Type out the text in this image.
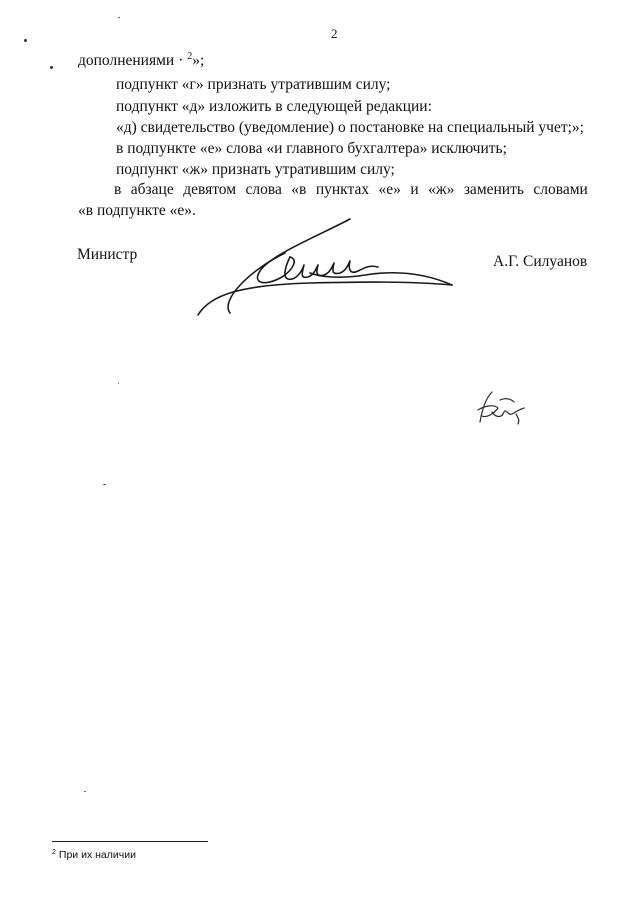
2
дополнениями · $^2$»;
подпункт «г» признать утратившим силу;
подпункт «д» изложить в следующей редакции:
«д) свидетельство (уведомление) о постановке на специальный учет;»;
в подпункте «е» слова «и главного бухгалтера» исключить;
подпункт «ж» признать утратившим силу;
в абзаце девятом слова «в пунктах «е» и «ж» заменить словами
«в подпункте «е».
Министр	А.Г. Силуанов
$^2$ При их наличии
